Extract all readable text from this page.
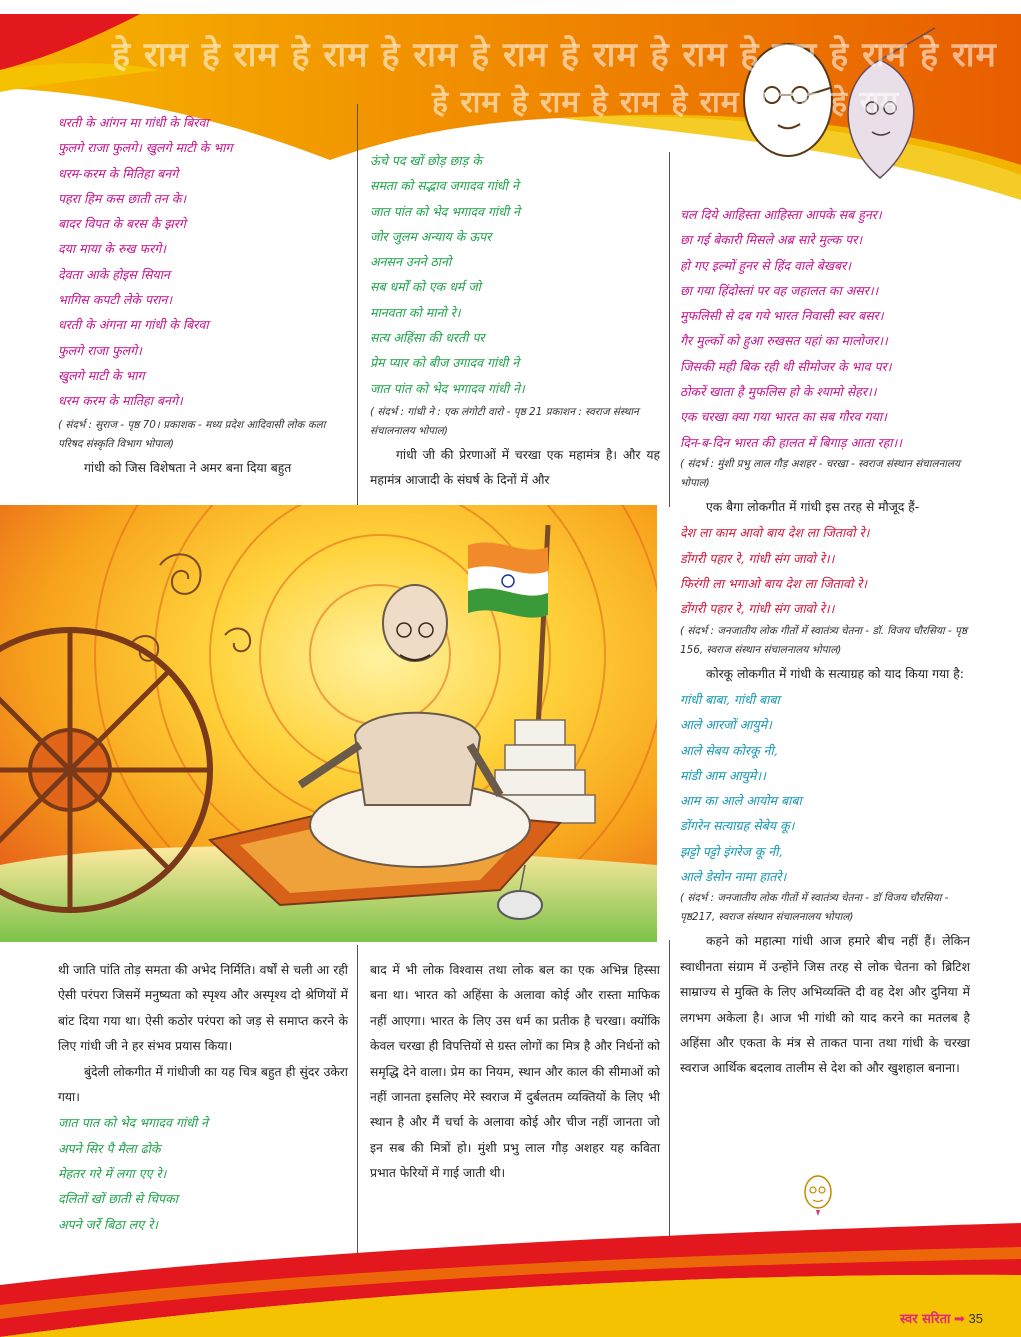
हे राम हे राम हे राम हे राम हे राम हे राम हे राम हे राम हे राम हे राम
हे राम हे राम हे राम हे राम हे राम हे राम
धरती के आंगन मा गांधी के बिरवा
फुलगे राजा फुलगे। खुलगे माटी के भाग
धरम-करम के मितिहा बनगे
पहरा हिम कस छाती तन के।
बादर विपत के बरस कै झरगे
दया माया के रुख फरगे।
देवता आके होइस सियान
भागिस कपटी लेके परान।
धरती के अंगना मा गांधी के बिरवा
फुलगे राजा फुलगे।
खुलगे माटी के भाग
धरम करम के मातिहा बनगे।
( संदर्भ : सुराज - पृष्ठ 70। प्रकाशक - मध्य प्रदेश आदिवासी लोक कला परिषद संस्कृति विभाग भोपाल)
गांधी को जिस विशेषता ने अमर बना दिया बहुत
ऊंचे पद खों छोड़ छाड़ के
समता को सद्भाव जगादव गांधी ने
जात पांत को भेद भगादव गांधी ने
जोर जुलम अन्याय के ऊपर
अनसन उनने ठानो
सब धर्मों को एक धर्म जो
मानवता को मानो रे।
सत्य अहिंसा की धरती पर
प्रेम प्यार को बीज उगादव गांधी ने
जात पांत को भेद भगादव गांधी ने।
( संदर्भ : गांधी ने : एक लंगोटी वारो - पृष्ठ 21 प्रकाशन : स्वराज संस्थान संचालनालय भोपाल)
गांधी जी की प्रेरणाओं में चरखा एक महामंत्र है। और यह महामंत्र आजादी के संघर्ष के दिनों में और
चल दिये आहिस्ता आहिस्ता आपके सब हुनर।
छा गई बेकारी मिसले अब्र सारे मुल्क पर।
हो गए इल्मों हुनर से हिंद वाले बेखबर।
छा गया हिंदोस्तां पर वह जहालत का असर।।
मुफलिसी से दब गये भारत निवासी स्वर बसर।
गैर मुल्कों को हुआ रुखसत यहां का मालोजर।।
जिसकी मही बिक रही थी सीमोजर के भाव पर।
ठोकरें खाता है मुफलिस हो के श्यामो सेहर।।
एक चरखा क्या गया भारत का सब गौरव गया।
दिन-ब-दिन भारत की हालत में बिगाड़ आता रहा।।
( संदर्भ : मुंशी प्रभु लाल गौड़ अशहर - चरखा - स्वराज संस्थान संचालनालय भोपाल)
एक बैगा लोकगीत में गांधी इस तरह से मौजूद हैं-
देश ला काम आवो बाय देश ला जितावो रे।
डोंगरी पहार रे, गांधी संग जावो रे।।
फिरंगी ला भगाओ बाय देश ला जितावो रे।
डोंगरी पहार रे, गांधी संग जावो रे।।
( संदर्भ : जनजातीय लोक गीतों में स्वातंत्र्य चेतना - डॉ. विजय चौरसिया - पृष्ठ 156, स्वराज संस्थान संचालनालय भोपाल)
कोरकू लोकगीत में गांधी के सत्याग्रह को याद किया गया है:
गांधी बाबा, गांधी बाबा
आले आरजों आयुमे।
आले सेबय कोरकू नी,
मांडी आम आयुमे।।
आम का आले आयोम बाबा
डोंगरेन सत्याग्रह सेबेय कू।
झट्टो पट्टो इंगरेज कू नी,
आले डेसोन नामा हातरे।
( संदर्भ : जनजातीय लोक गीतों में स्वातंत्र्य चेतना - डॉ विजय चौरसिया - पृष्ठ217, स्वराज संस्थान संचालनालय भोपाल)
कहने को महात्मा गांधी आज हमारे बीच नहीं हैं। लेकिन स्वाधीनता संग्राम में उन्होंने जिस तरह से लोक चेतना को ब्रिटिश साम्राज्य से मुक्ति के लिए अभिव्यक्ति दी वह देश और दुनिया में लगभग अकेला है। आज भी गांधी को याद करने का मतलब है अहिंसा और एकता के मंत्र से ताकत पाना तथा गांधी के चरखा स्वराज आर्थिक बदलाव तालीम से देश को और खुशहाल बनाना।
थी जाति पांति तोड़ समता की अभेद निर्मिति। वर्षों से चली आ रही ऐसी परंपरा जिसमें मनुष्यता को स्पृश्य और अस्पृश्य दो श्रेणियों में बांट दिया गया था। ऐसी कठोर परंपरा को जड़ से समाप्त करने के लिए गांधी जी ने हर संभव प्रयास किया।
बुंदेली लोकगीत में गांधीजी का यह चित्र बहुत ही सुंदर उकेरा गया।
जात पात को भेद भगादव गांधी ने
अपने सिर पै मैला ढोके
मेहतर गरे में लगा एए रे।
दलितों खों छाती से चिपका
अपने जर्रे बिठा लए रे।
बाद में भी लोक विश्वास तथा लोक बल का एक अभिन्न हिस्सा बना था। भारत को अहिंसा के अलावा कोई और रास्ता माफिक नहीं आएगा। भारत के लिए उस धर्म का प्रतीक है चरखा। क्योंकि केवल चरखा ही विपत्तियों से ग्रस्त लोगों का मित्र है और निर्धनों को समृद्धि देने वाला। प्रेम का नियम, स्थान और काल की सीमाओं को नहीं जानता इसलिए मेरे स्वराज में दुर्बलतम व्यक्तियों के लिए भी स्थान है और मैं चर्चा के अलावा कोई और चीज नहीं जानता जो इन सब की मित्रों हो। मुंशी प्रभु लाल गौड़ अशहर यह कविता प्रभात फेरियों में गाई जाती थी।
स्वर सरिता ➡ 35
